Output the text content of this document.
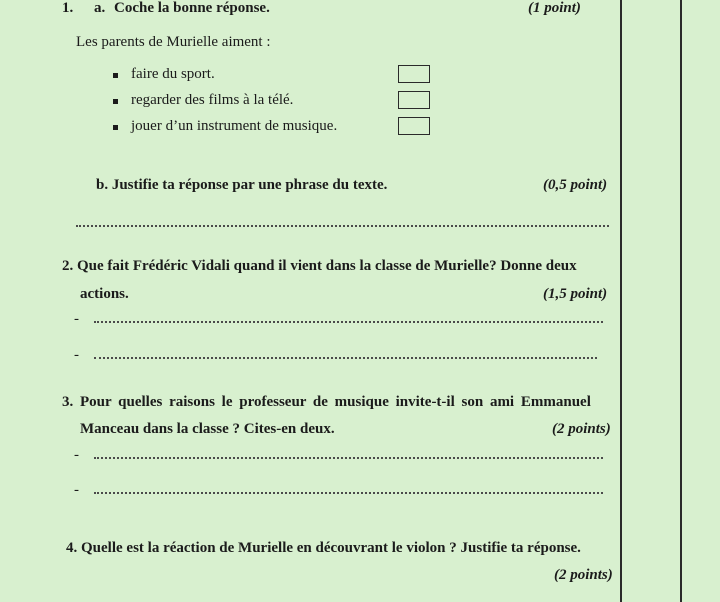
1. a. Coche la bonne réponse.	(1 point)
Les parents de Murielle aiment :
faire du sport.
regarder des films à la télé.
jouer d’un instrument de musique.
b. Justifie ta réponse par une phrase du texte.	(0,5 point)
2. Que fait Frédéric Vidali quand il vient dans la classe de Murielle? Donne deux
actions.	(1,5 point)
-
-
3. Pour quelles raisons le professeur de musique invite-t-il son ami Emmanuel
Manceau dans la classe ? Cites-en deux.	(2 points)
-
-
4. Quelle est la réaction de Murielle en découvrant le violon ? Justifie ta réponse.
(2 points)
